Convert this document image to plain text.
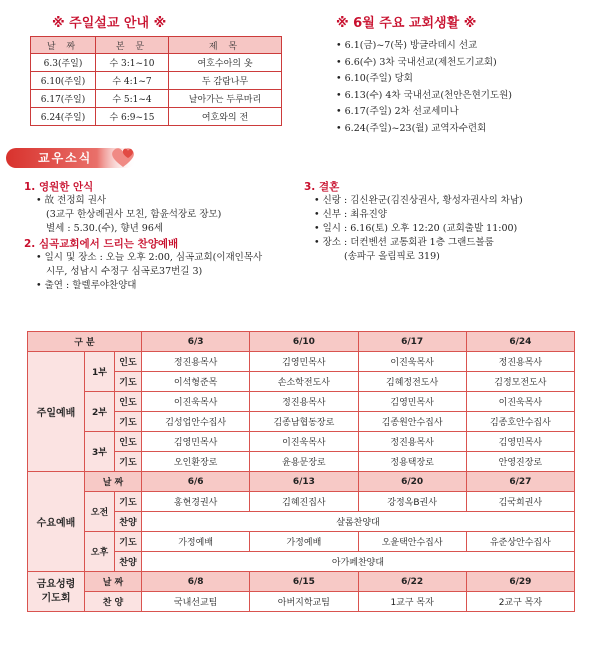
※ 주일설교 안내 ※
날 짜	본 문	제 목
6.3(주일)	수 3:1~10	여호수아의 옷
6.10(주일)	수 4:1~7	두 감람나무
6.17(주일)	수 5:1~4	날아가는 두루마리
6.24(주일)	수 6:9~15	여호와의 전
※ 6월 주요 교회생활 ※
• 6.1(금)~7(목) 방글라데시 선교
• 6.6(수) 3차 국내선교(제천도기교회)
• 6.10(주일) 당회
• 6.13(수) 4차 국내선교(천안은현기도원)
• 6.17(주일) 2차 선교세미나
• 6.24(주일)~23(월) 교역자수련회
교우소식
1. 영원한 안식
• 故 전정희 권사
(3교구 한상례권사 모친, 함윤석장로 장모)
별세 : 5.30.(수), 향년 96세
2. 심곡교회에서 드리는 찬양예배
• 일시 및 장소 : 오늘 오후 2:00, 심곡교회(이재인목사
시무, 성남시 수정구 심곡로37번길 3)
• 출연 : 할렐루야찬양대
3. 결혼
• 신랑 : 김신완군(김진상권사, 황성자권사의 차남)
• 신부 : 최유진양
• 일시 : 6.16(토) 오후 12:20 (교회출발 11:00)
• 장소 : 더컨벤션 교통회관 1층 그랜드볼룸
(송파구 올림픽로 319)
구 분			6/3	6/10	6/17	6/24
주일예배	1부	인도	정진용목사	김영민목사	이진욱목사	정진용목사
		기도	이석형준목	손소학전도사	김혜정전도사	김정모전도사
	2부	인도	이진욱목사	정진용목사	김영민목사	이진욱목사
		기도	김성업안수집사	김종남협동장로	김종원안수집사	김종호안수집사
	3부	인도	김영민목사	이진욱목사	정진용목사	김영민목사
		기도	오인환장로	윤용문장로	정용택장로	안영진장로
수요예배	날 짜		6/6	6/13	6/20	6/27
	오전	기도	홍현경권사	김혜진집사	강정옥B권사	김국희권사
		찬양	샬롬찬양대			
	오후	기도	가정예배	가정예배	오윤택안수집사	유준상안수집사
		찬양	아가페찬양대			
금요성령
기도회	날 짜		6/8	6/15	6/22	6/29
	찬 양		국내선교팀	아버지학교팀	1교구 목자	2교구 목자
